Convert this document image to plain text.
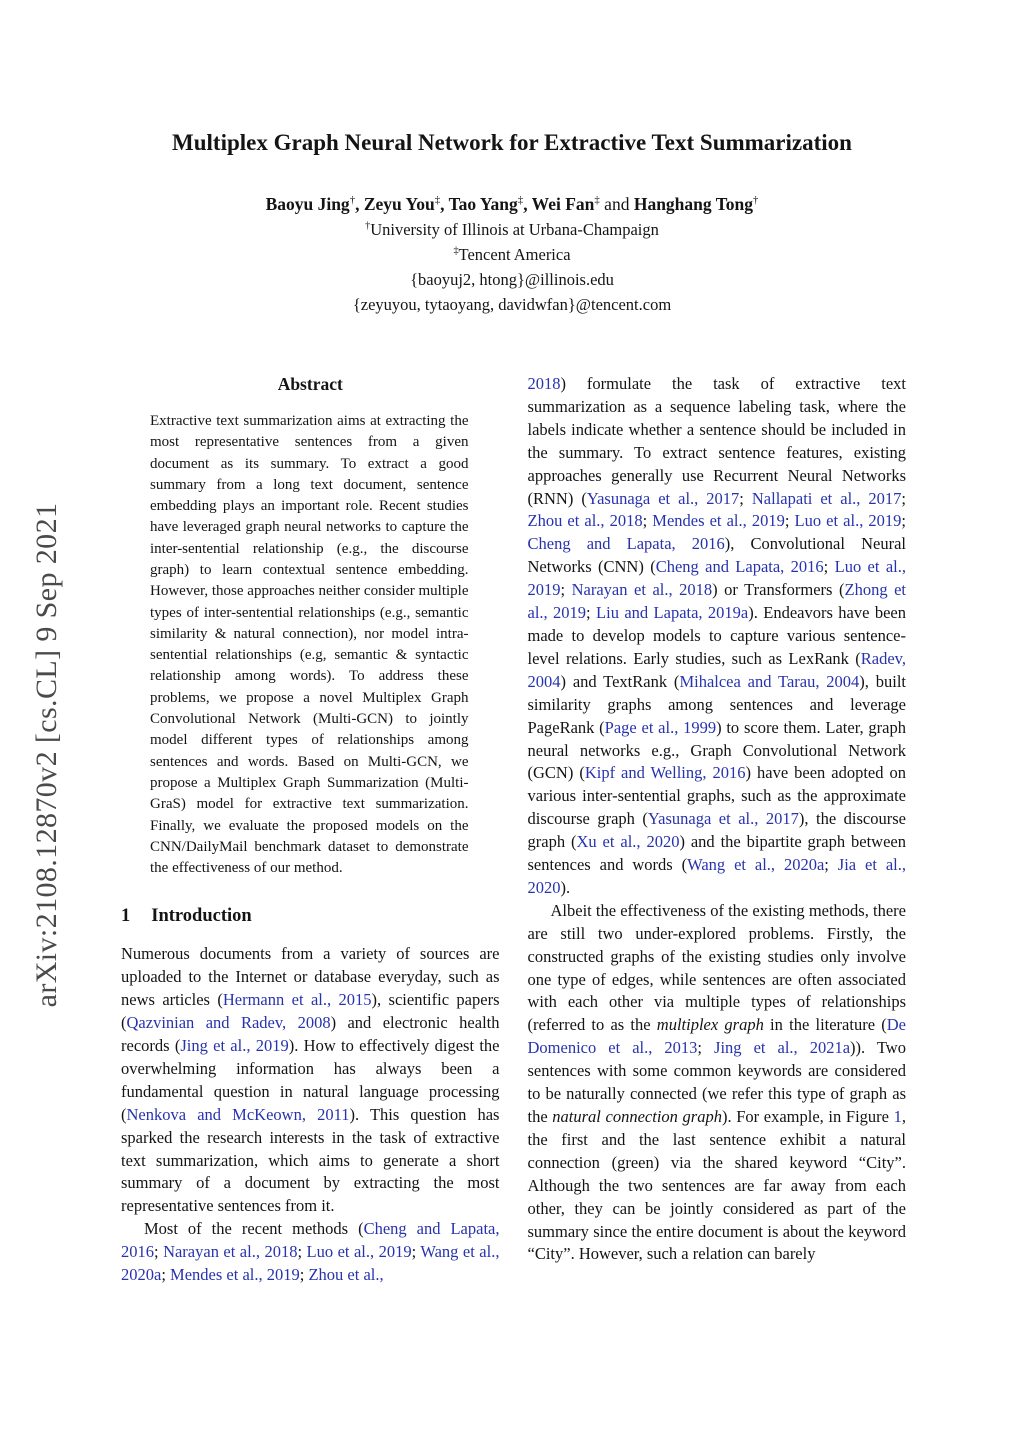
arXiv:2108.12870v2 [cs.CL] 9 Sep 2021
Multiplex Graph Neural Network for Extractive Text Summarization
Baoyu Jing†, Zeyu You‡, Tao Yang‡, Wei Fan‡ and Hanghang Tong†
†University of Illinois at Urbana-Champaign
‡Tencent America
{baoyuj2, htong}@illinois.edu
{zeyuyou, tytaoyang, davidwfan}@tencent.com
Abstract

Extractive text summarization aims at extracting the most representative sentences from a given document as its summary. To extract a good summary from a long text document, sentence embedding plays an important role. Recent studies have leveraged graph neural networks to capture the inter-sentential relationship (e.g., the discourse graph) to learn contextual sentence embedding. However, those approaches neither consider multiple types of inter-sentential relationships (e.g., semantic similarity & natural connection), nor model intra-sentential relationships (e.g, semantic & syntactic relationship among words). To address these problems, we propose a novel Multiplex Graph Convolutional Network (Multi-GCN) to jointly model different types of relationships among sentences and words. Based on Multi-GCN, we propose a Multiplex Graph Summarization (Multi-GraS) model for extractive text summarization. Finally, we evaluate the proposed models on the CNN/DailyMail benchmark dataset to demonstrate the effectiveness of our method.

1 Introduction

Numerous documents from a variety of sources are uploaded to the Internet or database everyday, such as news articles (Hermann et al., 2015), scientific papers (Qazvinian and Radev, 2008) and electronic health records (Jing et al., 2019). How to effectively digest the overwhelming information has always been a fundamental question in natural language processing (Nenkova and McKeown, 2011). This question has sparked the research interests in the task of extractive text summarization, which aims to generate a short summary of a document by extracting the most representative sentences from it.

Most of the recent methods (Cheng and Lapata, 2016; Narayan et al., 2018; Luo et al., 2019; Wang et al., 2020a; Mendes et al., 2019; Zhou et al.,

2018) formulate the task of extractive text summarization as a sequence labeling task, where the labels indicate whether a sentence should be included in the summary. To extract sentence features, existing approaches generally use Recurrent Neural Networks (RNN) (Yasunaga et al., 2017; Nallapati et al., 2017; Zhou et al., 2018; Mendes et al., 2019; Luo et al., 2019; Cheng and Lapata, 2016), Convolutional Neural Networks (CNN) (Cheng and Lapata, 2016; Luo et al., 2019; Narayan et al., 2018) or Transformers (Zhong et al., 2019; Liu and Lapata, 2019a). Endeavors have been made to develop models to capture various sentence-level relations. Early studies, such as LexRank (Radev, 2004) and TextRank (Mihalcea and Tarau, 2004), built similarity graphs among sentences and leverage PageRank (Page et al., 1999) to score them. Later, graph neural networks e.g., Graph Convolutional Network (GCN) (Kipf and Welling, 2016) have been adopted on various inter-sentential graphs, such as the approximate discourse graph (Yasunaga et al., 2017), the discourse graph (Xu et al., 2020) and the bipartite graph between sentences and words (Wang et al., 2020a; Jia et al., 2020).

Albeit the effectiveness of the existing methods, there are still two under-explored problems. Firstly, the constructed graphs of the existing studies only involve one type of edges, while sentences are often associated with each other via multiple types of relationships (referred to as the multiplex graph in the literature (De Domenico et al., 2013; Jing et al., 2021a)). Two sentences with some common keywords are considered to be naturally connected (we refer this type of graph as the natural connection graph). For example, in Figure 1, the first and the last sentence exhibit a natural connection (green) via the shared keyword “City”. Although the two sentences are far away from each other, they can be jointly considered as part of the summary since the entire document is about the keyword “City”. However, such a relation can barely
